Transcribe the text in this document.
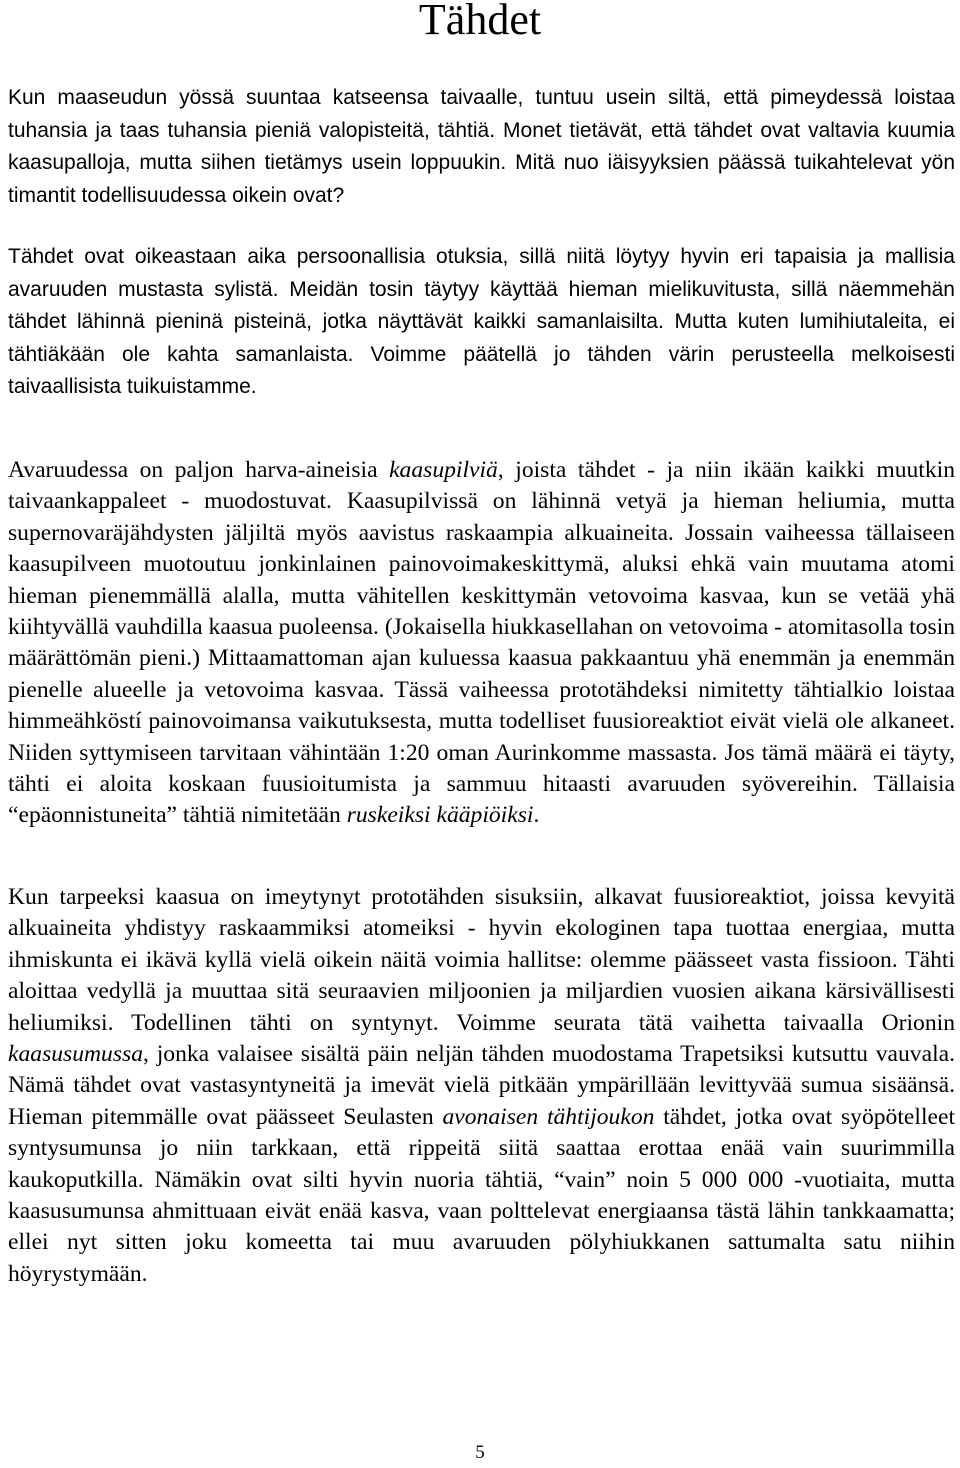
Tähdet

Kun maaseudun yössä suuntaa katseensa taivaalle, tuntuu usein siltä, että pimeydessä loistaa tuhansia ja taas tuhansia pieniä valopisteitä, tähtiä. Monet tietävät, että tähdet ovat valtavia kuumia kaasupalloja, mutta siihen tietämys usein loppuukin. Mitä nuo iäisyyksien päässä tuikahtelevat yön timantit todellisuudessa oikein ovat?

Tähdet ovat oikeastaan aika persoonallisia otuksia, sillä niitä löytyy hyvin eri tapaisia ja mallisia avaruuden mustasta sylistä. Meidän tosin täytyy käyttää hieman mielikuvitusta, sillä näemmehän tähdet lähinnä pieninä pisteinä, jotka näyttävät kaikki samanlaisilta. Mutta kuten lumihiutaleita, ei tähtiäkään ole kahta samanlaista. Voimme päätellä jo tähden värin perusteella melkoisesti taivaallisista tuikuistamme.

Avaruudessa on paljon harva-aineisia kaasupilviä, joista tähdet - ja niin ikään kaikki muutkin taivaankappaleet - muodostuvat. Kaasupilvissä on lähinnä vetyä ja hieman heliumia, mutta supernovaräjähdysten jäljiltä myös aavistus raskaampia alkuaineita. Jossain vaiheessa tällaiseen kaasupilveen muotoutuu jonkinlainen painovoimakeskittymä, aluksi ehkä vain muutama atomi hieman pienemmällä alalla, mutta vähitellen keskittymän vetovoima kasvaa, kun se vetää yhä kiihtyvällä vauhdilla kaasua puoleensa. (Jokaisella hiukkasellahan on vetovoima - atomitasolla tosin määrättömän pieni.) Mittaamattoman ajan kuluessa kaasua pakkaantuu yhä enemmän ja enemmän pienelle alueelle ja vetovoima kasvaa. Tässä vaiheessa prototähdeksi nimitetty tähtialkio loistaa himmeähköstí painovoimansa vaikutuksesta, mutta todelliset fuusioreaktiot eivät vielä ole alkaneet. Niiden syttymiseen tarvitaan vähintään 1:20 oman Aurinkomme massasta. Jos tämä määrä ei täyty, tähti ei aloita koskaan fuusioitumista ja sammuu hitaasti avaruuden syövereihin. Tällaisia “epäonnistuneita” tähtiä nimitetään ruskeiksi kääpiöiksi.

Kun tarpeeksi kaasua on imeytynyt prototähden sisuksiin, alkavat fuusioreaktiot, joissa kevyitä alkuaineita yhdistyy raskaammiksi atomeiksi - hyvin ekologinen tapa tuottaa energiaa, mutta ihmiskunta ei ikävä kyllä vielä oikein näitä voimia hallitse: olemme päässeet vasta fissioon. Tähti aloittaa vedyllä ja muuttaa sitä seuraavien miljoonien ja miljardien vuosien aikana kärsivällisesti heliumiksi. Todellinen tähti on syntynyt. Voimme seurata tätä vaihetta taivaalla Orionin kaasusumussa, jonka valaisee sisältä päin neljän tähden muodostama Trapetsiksi kutsuttu vauvala. Nämä tähdet ovat vastasyntyneitä ja imevät vielä pitkään ympärillään levittyvää sumua sisäänsä. Hieman pitemmälle ovat päässeet Seulasten avonaisen tähtijoukon tähdet, jotka ovat syöpötelleet syntysumunsa jo niin tarkkaan, että rippeitä siitä saattaa erottaa enää vain suurimmilla kaukoputkilla. Nämäkin ovat silti hyvin nuoria tähtiä, “vain” noin 5 000 000 -vuotiaita, mutta kaasusumunsa ahmittuaan eivät enää kasva, vaan polttelevat energiaansa tästä lähin tankkaamatta; ellei nyt sitten joku komeetta tai muu avaruuden pölyhiukkanen sattumalta satu niihin höyrystymään.

5
